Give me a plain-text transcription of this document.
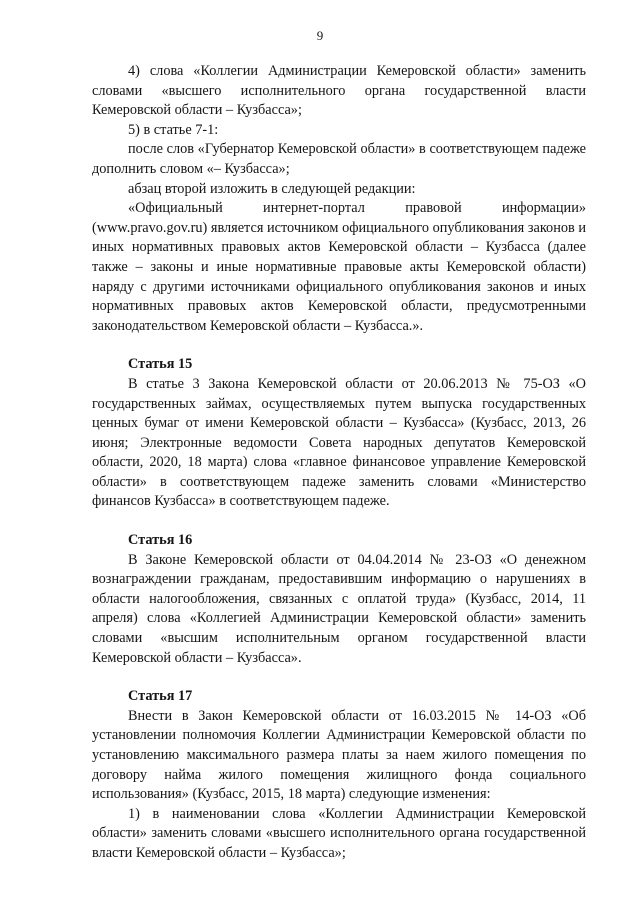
9

4) слова «Коллегии Администрации Кемеровской области» заменить словами «высшего исполнительного органа государственной власти Кемеровской области – Кузбасса»;

5) в статье 7-1:

после слов «Губернатор Кемеровской области» в соответствующем падеже дополнить словом «– Кузбасса»;

абзац второй изложить в следующей редакции:

«Официальный интернет-портал правовой информации» (www.pravo.gov.ru) является источником официального опубликования законов и иных нормативных правовых актов Кемеровской области – Кузбасса (далее также – законы и иные нормативные правовые акты Кемеровской области) наряду с другими источниками официального опубликования законов и иных нормативных правовых актов Кемеровской области, предусмотренными законодательством Кемеровской области – Кузбасса.».

Статья 15

В статье 3 Закона Кемеровской области от 20.06.2013 № 75-ОЗ «О государственных займах, осуществляемых путем выпуска государственных ценных бумаг от имени Кемеровской области – Кузбасса» (Кузбасс, 2013, 26 июня; Электронные ведомости Совета народных депутатов Кемеровской области, 2020, 18 марта) слова «главное финансовое управление Кемеровской области» в соответствующем падеже заменить словами «Министерство финансов Кузбасса» в соответствующем падеже.

Статья 16

В Законе Кемеровской области от 04.04.2014 № 23-ОЗ «О денежном вознаграждении гражданам, предоставившим информацию о нарушениях в области налогообложения, связанных с оплатой труда» (Кузбасс, 2014, 11 апреля) слова «Коллегией Администрации Кемеровской области» заменить словами «высшим исполнительным органом государственной власти Кемеровской области – Кузбасса».

Статья 17

Внести в Закон Кемеровской области от 16.03.2015 № 14-ОЗ «Об установлении полномочия Коллегии Администрации Кемеровской области по установлению максимального размера платы за наем жилого помещения по договору найма жилого помещения жилищного фонда социального использования» (Кузбасс, 2015, 18 марта) следующие изменения:

1) в наименовании слова «Коллегии Администрации Кемеровской области» заменить словами «высшего исполнительного органа государственной власти Кемеровской области – Кузбасса»;
